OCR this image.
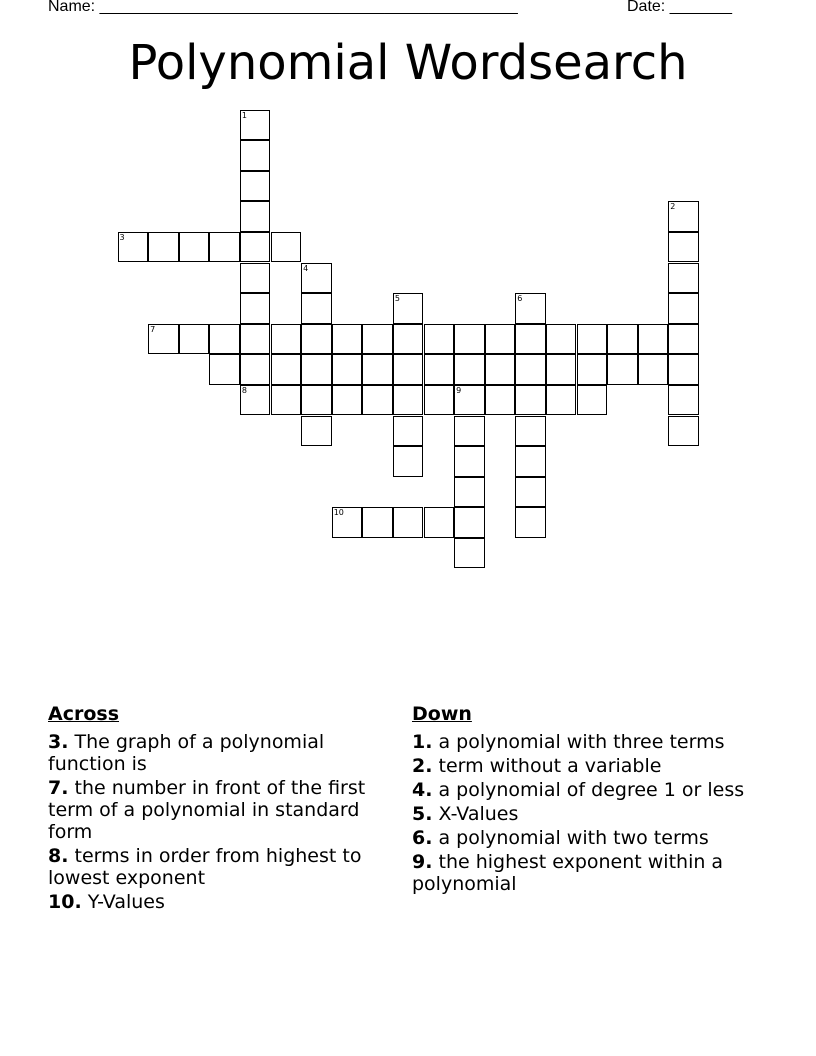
Name: _______________________________________________	Date: _______
Polynomial Wordsearch
1
2
3
4
5	6
7
8	9
10
Across
3. The graph of a polynomial function is
7. the number in front of the first term of a polynomial in standard form
8. terms in order from highest to lowest exponent
10. Y-Values
Down
1. a polynomial with three terms
2. term without a variable
4. a polynomial of degree 1 or less
5. X-Values
6. a polynomial with two terms
9. the highest exponent within a polynomial
